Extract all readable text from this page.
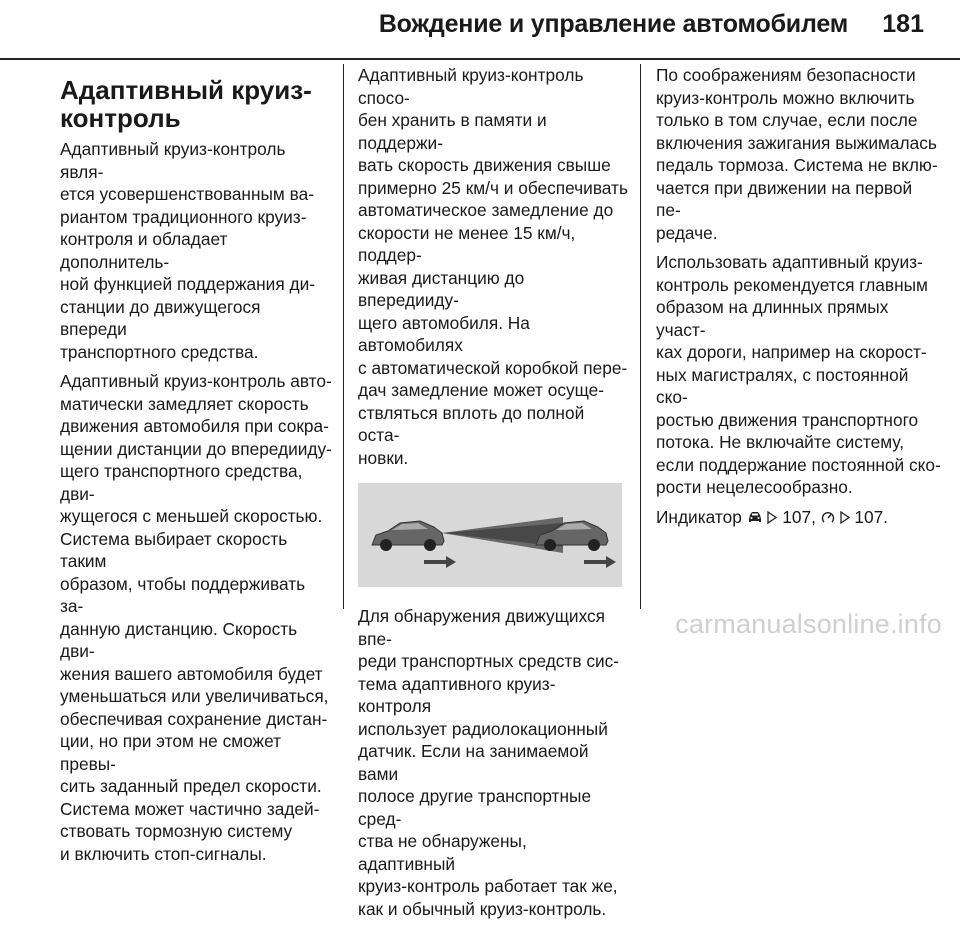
Вождение и управление автомобилем 181
Адаптивный круиз-
контроль

Адаптивный круиз-контроль явля-
ется усовершенствованным ва-
риантом традиционного круиз-
контроля и обладает дополнитель-
ной функцией поддержания ди-
станции до движущегося впереди
транспортного средства.

Адаптивный круиз-контроль авто-
матически замедляет скорость
движения автомобиля при сокра-
щении дистанции до впередииду-
щего транспортного средства, дви-
жущегося с меньшей скоростью.
Система выбирает скорость таким
образом, чтобы поддерживать за-
данную дистанцию. Скорость дви-
жения вашего автомобиля будет
уменьшаться или увеличиваться,
обеспечивая сохранение дистан-
ции, но при этом не сможет превы-
сить заданный предел скорости.
Система может частично задей-
ствовать тормозную систему
и включить стоп-сигналы.

Адаптивный круиз-контроль спосо-
бен хранить в памяти и поддержи-
вать скорость движения свыше
примерно 25 км/ч и обеспечивать
автоматическое замедление до
скорости не менее 15 км/ч, поддер-
живая дистанцию до впередииду-
щего автомобиля. На автомобилях
с автоматической коробкой пере-
дач замедление может осуще-
ствляться вплоть до полной оста-
новки.

Для обнаружения движущихся впе-
реди транспортных средств сис-
тема адаптивного круиз-контроля
использует радиолокационный
датчик. Если на занимаемой вами
полосе другие транспортные сред-
ства не обнаружены, адаптивный
круиз-контроль работает так же,
как и обычный круиз-контроль.

По соображениям безопасности
круиз-контроль можно включить
только в том случае, если после
включения зажигания выжималась
педаль тормоза. Система не вклю-
чается при движении на первой пе-
редаче.

Использовать адаптивный круиз-
контроль рекомендуется главным
образом на длинных прямых участ-
ках дороги, например на скорост-
ных магистралях, с постоянной ско-
ростью движения транспортного
потока. Не включайте систему,
если поддержание постоянной ско-
рости нецелесообразно.

Индикатор 107, 107.

carmanualsonline.info
